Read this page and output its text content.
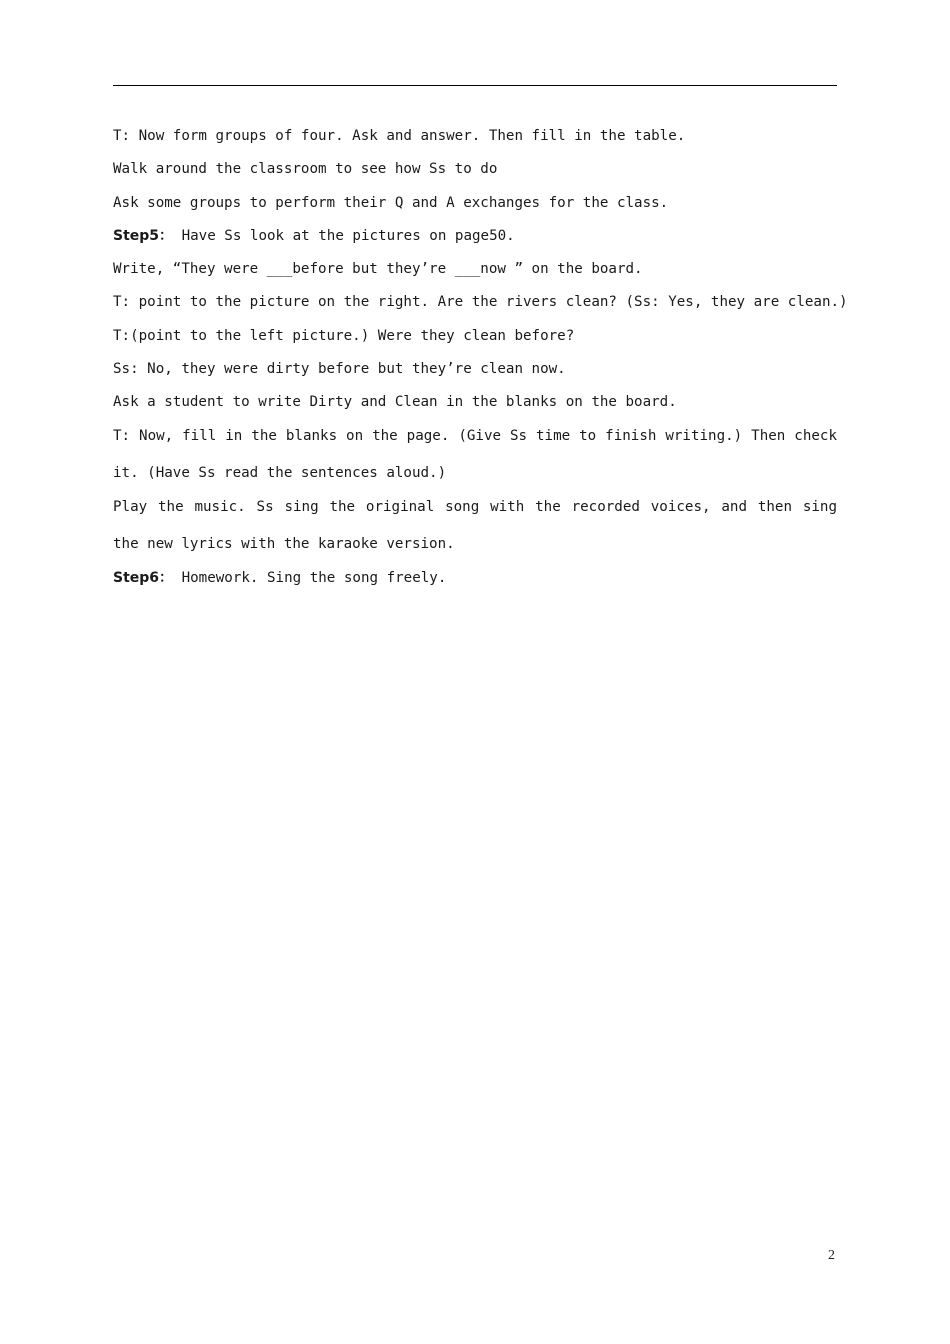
T: Now form groups of four. Ask and answer. Then fill in the table.
Walk around the classroom to see how Ss to do
Ask some groups to perform their Q and A exchanges for the class.
Step5： Have Ss look at the pictures on page50.
Write, “They were ___before but they’re ___now ” on the board.
T: point to the picture on the right. Are the rivers clean? (Ss: Yes, they are clean.)
T:(point to the left picture.) Were they clean before?
Ss: No, they were dirty before but they’re clean now.
Ask a student to write Dirty and Clean in the blanks on the board.
T: Now, fill in the blanks on the page. (Give Ss time to finish writing.) Then check it. (Have Ss read the sentences aloud.)
Play the music. Ss sing the original song with the recorded voices, and then sing the new lyrics with the karaoke version.
Step6： Homework. Sing the song freely.
2
